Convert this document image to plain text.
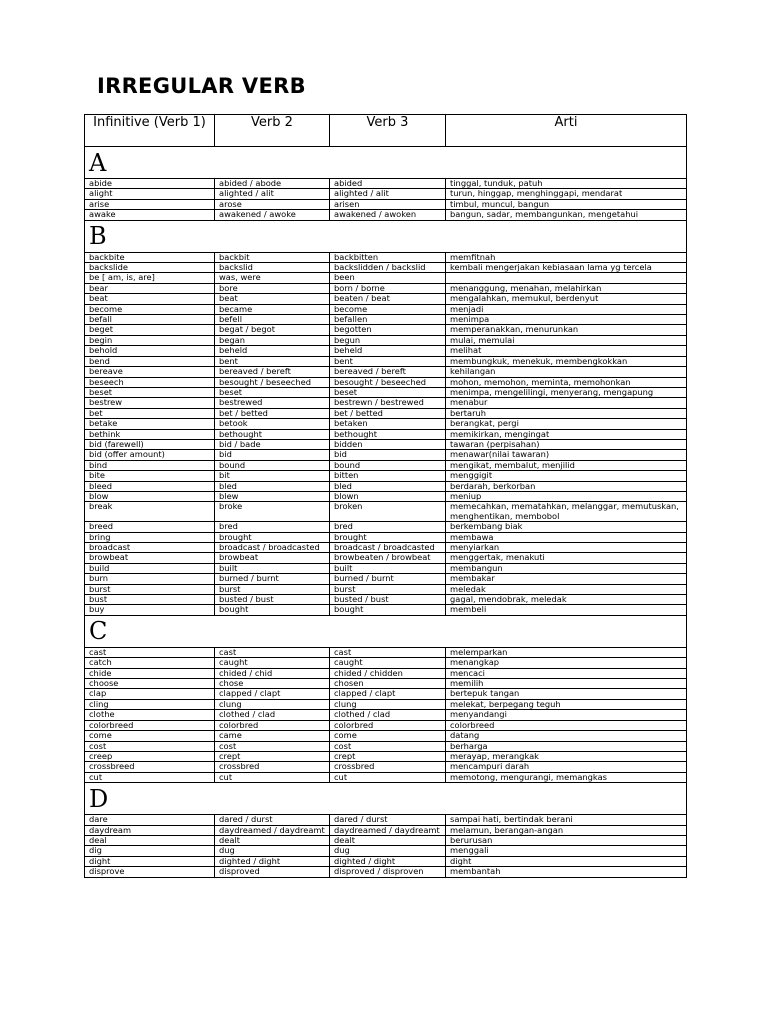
IRREGULAR VERB
Infinitive (Verb 1)	Verb 2	Verb 3	Arti
A			
abide	abided / abode	abided	tinggal, tunduk, patuh
alight	alighted / alit	alighted / alit	turun, hinggap, menghinggapi, mendarat
arise	arose	arisen	timbul, muncul, bangun
awake	awakened / awoke	awakened / awoken	bangun, sadar, membangunkan, mengetahui
B			
backbite	backbit	backbitten	memfitnah
backslide	backslid	backslidden / backslid	kembali mengerjakan kebiasaan lama yg tercela
be [ am, is, are]	was, were	been	
bear	bore	born / borne	menanggung, menahan, melahirkan
beat	beat	beaten / beat	mengalahkan, memukul, berdenyut
become	became	become	menjadi
befall	befell	befallen	menimpa
beget	begat / begot	begotten	memperanakkan, menurunkan
begin	began	begun	mulai, memulai
behold	beheld	beheld	melihat
bend	bent	bent	membungkuk, menekuk, membengkokkan
bereave	bereaved / bereft	bereaved / bereft	kehilangan
beseech	besought / beseeched	besought / beseeched	mohon, memohon, meminta, memohonkan
beset	beset	beset	menimpa, mengelilingi, menyerang, mengapung
bestrew	bestrewed	bestrewn / bestrewed	menabur
bet	bet / betted	bet / betted	bertaruh
betake	betook	betaken	berangkat, pergi
bethink	bethought	bethought	memikirkan, mengingat
bid (farewell)	bid / bade	bidden	tawaran (perpisahan)
bid (offer amount)	bid	bid	menawar(nilai tawaran)
bind	bound	bound	mengikat, membalut, menjilid
bite	bit	bitten	menggigit
bleed	bled	bled	berdarah, berkorban
blow	blew	blown	meniup
break	broke	broken	memecahkan, mematahkan, melanggar, memutuskan, menghentikan, membobol
breed	bred	bred	berkembang biak
bring	brought	brought	membawa
broadcast	broadcast / broadcasted	broadcast / broadcasted	menyiarkan
browbeat	browbeat	browbeaten / browbeat	menggertak, menakuti
build	built	built	membangun
burn	burned / burnt	burned / burnt	membakar
burst	burst	burst	meledak
bust	busted / bust	busted / bust	gagal, mendobrak, meledak
buy	bought	bought	membeli
C			
cast	cast	cast	melemparkan
catch	caught	caught	menangkap
chide	chided / chid	chided / chidden	mencaci
choose	chose	chosen	memilih
clap	clapped / clapt	clapped / clapt	bertepuk tangan
cling	clung	clung	melekat, berpegang teguh
clothe	clothed / clad	clothed / clad	menyandangi
colorbreed	colorbred	colorbred	colorbreed
come	came	come	datang
cost	cost	cost	berharga
creep	crept	crept	merayap, merangkak
crossbreed	crossbred	crossbred	mencampuri darah
cut	cut	cut	memotong, mengurangi, memangkas
D			
dare	dared / durst	dared / durst	sampai hati, bertindak berani
daydream	daydreamed / daydreamt	daydreamed / daydreamt	melamun, berangan-angan
deal	dealt	dealt	berurusan
dig	dug	dug	menggali
dight	dighted / dight	dighted / dight	dight
disprove	disproved	disproved / disproven	membantah
